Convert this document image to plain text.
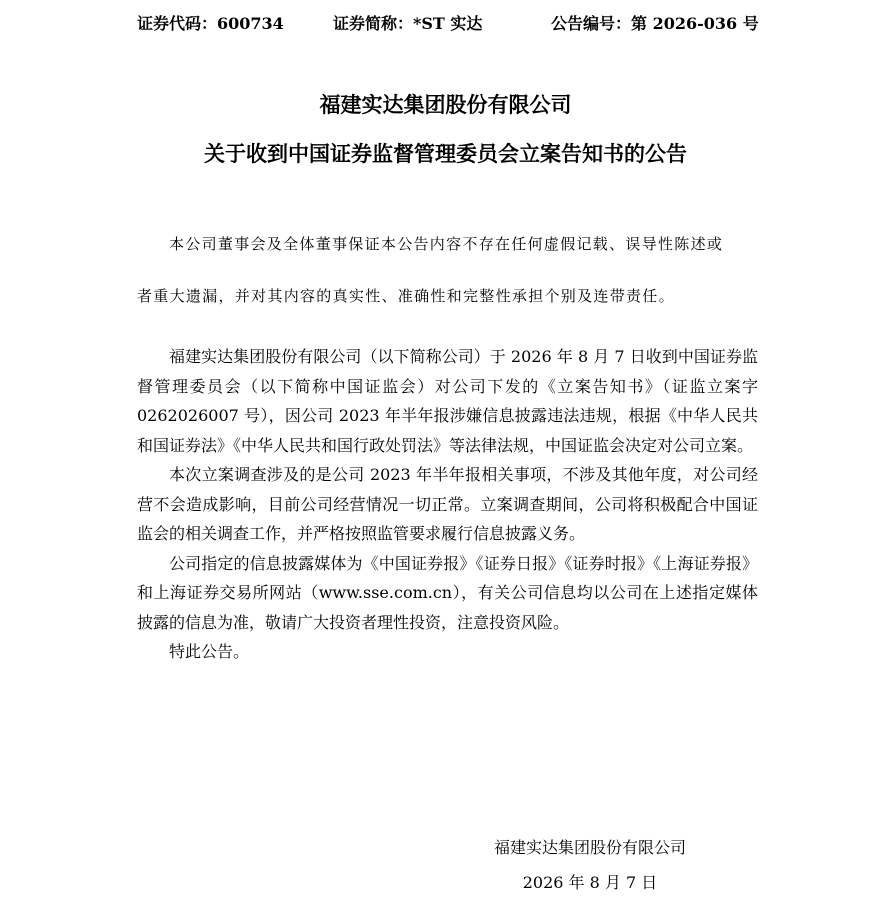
证券代码：600734	证券简称：*ST 实达	公告编号：第 2026-036 号
福建实达集团股份有限公司
关于收到中国证券监督管理委员会立案告知书的公告

本公司董事会及全体董事保证本公告内容不存在任何虚假记载、误导性陈述或

者重大遗漏，并对其内容的真实性、准确性和完整性承担个别及连带责任。

福建实达集团股份有限公司（以下简称公司）于 2026 年 8 月 7 日收到中国证券监督管理委员会（以下简称中国证监会）对公司下发的《立案告知书》（证监立案字 0262026007 号），因公司 2023 年半年报涉嫌信息披露违法违规，根据《中华人民共和国证券法》《中华人民共和国行政处罚法》等法律法规，中国证监会决定对公司立案。

本次立案调查涉及的是公司 2023 年半年报相关事项，不涉及其他年度，对公司经营不会造成影响，目前公司经营情况一切正常。立案调查期间，公司将积极配合中国证监会的相关调查工作，并严格按照监管要求履行信息披露义务。

公司指定的信息披露媒体为《中国证券报》《证券日报》《证券时报》《上海证券报》和上海证券交易所网站（www.sse.com.cn），有关公司信息均以公司在上述指定媒体披露的信息为准，敬请广大投资者理性投资，注意投资风险。

特此公告。

福建实达集团股份有限公司
2026 年 8 月 7 日
